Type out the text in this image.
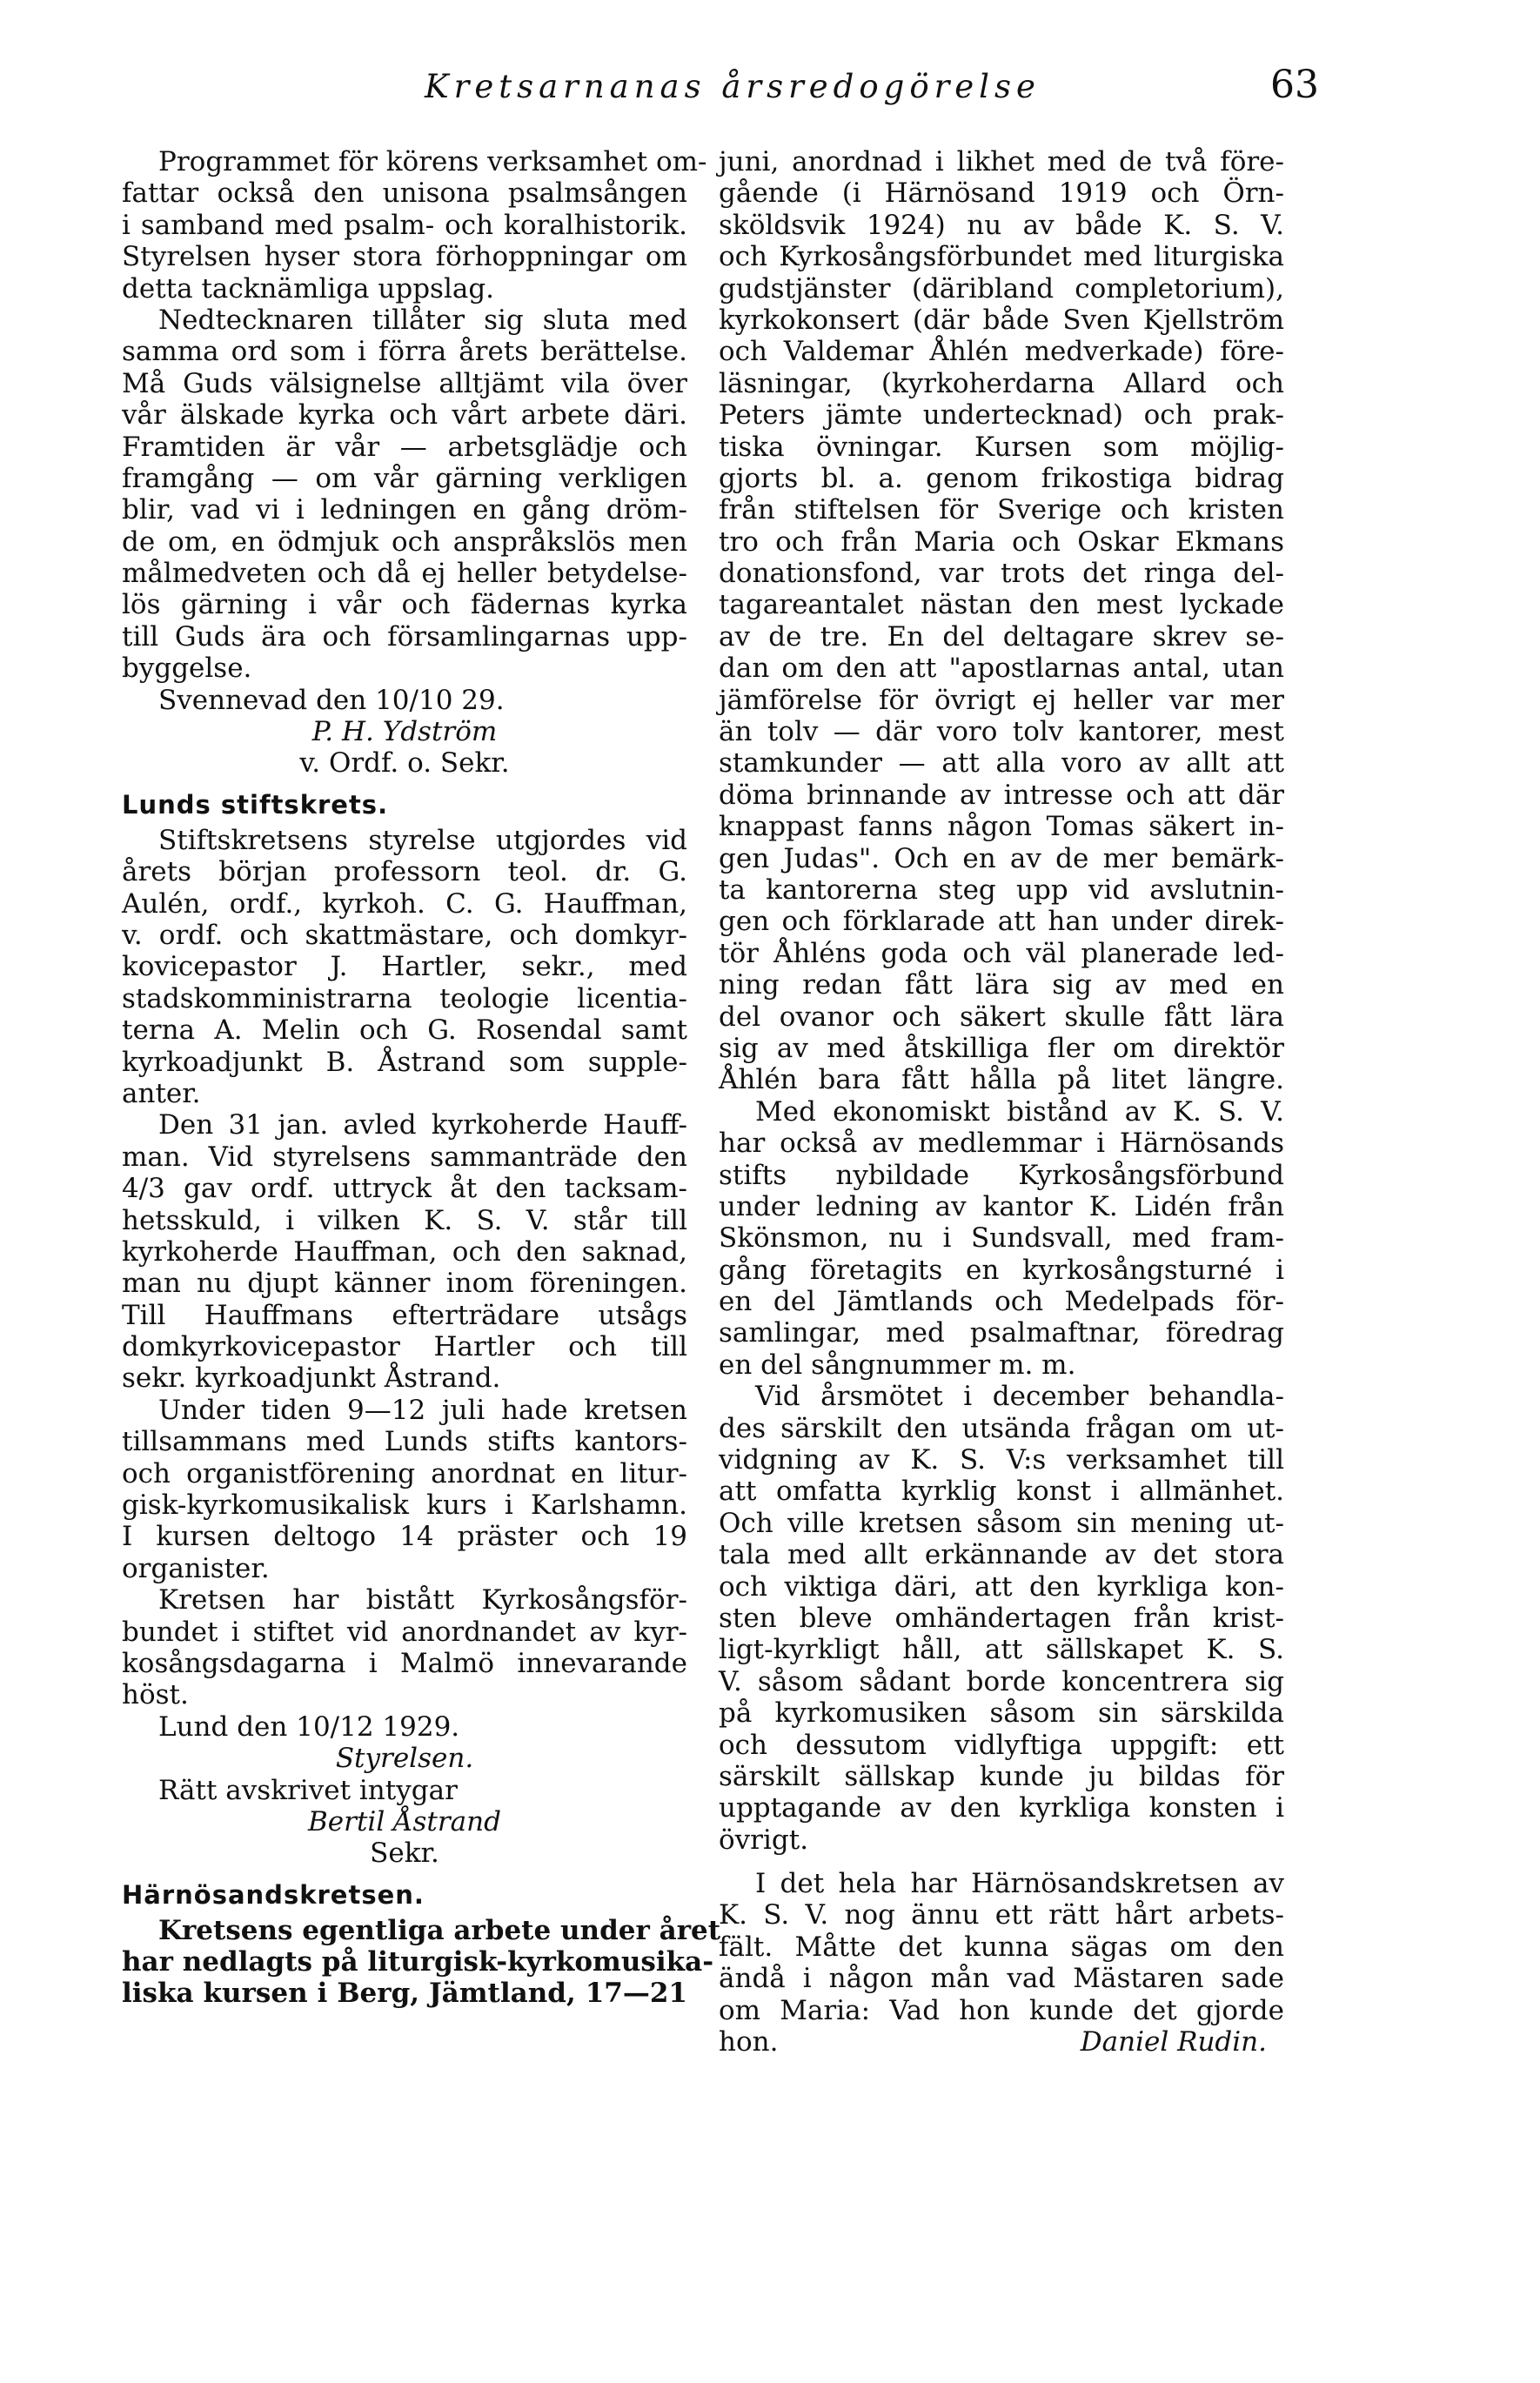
Kretsarnanas årsredogörelse	63
Programmet för körens verksamhet om-
fattar också den unisona psalmsången
i samband med psalm- och koralhistorik.
Styrelsen hyser stora förhoppningar om
detta tacknämliga uppslag.
Nedtecknaren tillåter sig sluta med
samma ord som i förra årets berättelse.
Må Guds välsignelse alltjämt vila över
vår älskade kyrka och vårt arbete däri.
Framtiden är vår — arbetsglädje och
framgång — om vår gärning verkligen
blir, vad vi i ledningen en gång dröm-
de om, en ödmjuk och anspråkslös men
målmedveten och då ej heller betydelse-
lös gärning i vår och fädernas kyrka
till Guds ära och församlingarnas upp-
byggelse.
Svennevad den 10/10 29.
P. H. Ydström
v. Ordf. o. Sekr.
Lunds stiftskrets.
Stiftskretsens styrelse utgjordes vid
årets början professorn teol. dr. G.
Aulén, ordf., kyrkoh. C. G. Hauffman,
v. ordf. och skattmästare, och domkyr-
kovicepastor J. Hartler, sekr., med
stadskomministrarna teologie licentia-
terna A. Melin och G. Rosendal samt
kyrkoadjunkt B. Åstrand som supple-
anter.
Den 31 jan. avled kyrkoherde Hauff-
man. Vid styrelsens sammanträde den
4/3 gav ordf. uttryck åt den tacksam-
hetsskuld, i vilken K. S. V. står till
kyrkoherde Hauffman, och den saknad,
man nu djupt känner inom föreningen.
Till Hauffmans efterträdare utsågs
domkyrkovicepastor Hartler och till
sekr. kyrkoadjunkt Åstrand.
Under tiden 9—12 juli hade kretsen
tillsammans med Lunds stifts kantors-
och organistförening anordnat en litur-
gisk-kyrkomusikalisk kurs i Karlshamn.
I kursen deltogo 14 präster och 19
organister.
Kretsen har bistått Kyrkosångsför-
bundet i stiftet vid anordnandet av kyr-
kosångsdagarna i Malmö innevarande
höst.
Lund den 10/12 1929.
Styrelsen.
Rätt avskrivet intygar
Bertil Åstrand
Sekr.
Härnösandskretsen.
Kretsens egentliga arbete under året
har nedlagts på liturgisk-kyrkomusika-
liska kursen i Berg, Jämtland, 17—21
juni, anordnad i likhet med de två före-
gående (i Härnösand 1919 och Örn-
sköldsvik 1924) nu av både K. S. V.
och Kyrkosångsförbundet med liturgiska
gudstjänster (däribland completorium),
kyrkokonsert (där både Sven Kjellström
och Valdemar Åhlén medverkade) före-
läsningar, (kyrkoherdarna Allard och
Peters jämte undertecknad) och prak-
tiska övningar. Kursen som möjlig-
gjorts bl. a. genom frikostiga bidrag
från stiftelsen för Sverige och kristen
tro och från Maria och Oskar Ekmans
donationsfond, var trots det ringa del-
tagareantalet nästan den mest lyckade
av de tre. En del deltagare skrev se-
dan om den att "apostlarnas antal, utan
jämförelse för övrigt ej heller var mer
än tolv — där voro tolv kantorer, mest
stamkunder — att alla voro av allt att
döma brinnande av intresse och att där
knappast fanns någon Tomas säkert in-
gen Judas". Och en av de mer bemärk-
ta kantorerna steg upp vid avslutnin-
gen och förklarade att han under direk-
tör Åhléns goda och väl planerade led-
ning redan fått lära sig av med en
del ovanor och säkert skulle fått lära
sig av med åtskilliga fler om direktör
Åhlén bara fått hålla på litet längre.
Med ekonomiskt bistånd av K. S. V.
har också av medlemmar i Härnösands
stifts nybildade Kyrkosångsförbund
under ledning av kantor K. Lidén från
Skönsmon, nu i Sundsvall, med fram-
gång företagits en kyrkosångsturné i
en del Jämtlands och Medelpads för-
samlingar, med psalmaftnar, föredrag
en del sångnummer m. m.
Vid årsmötet i december behandla-
des särskilt den utsända frågan om ut-
vidgning av K. S. V:s verksamhet till
att omfatta kyrklig konst i allmänhet.
Och ville kretsen såsom sin mening ut-
tala med allt erkännande av det stora
och viktiga däri, att den kyrkliga kon-
sten bleve omhändertagen från krist-
ligt-kyrkligt håll, att sällskapet K. S.
V. såsom sådant borde koncentrera sig
på kyrkomusiken såsom sin särskilda
och dessutom vidlyftiga uppgift: ett
särskilt sällskap kunde ju bildas för
upptagande av den kyrkliga konsten i
övrigt.
I det hela har Härnösandskretsen av
K. S. V. nog ännu ett rätt hårt arbets-
fält. Måtte det kunna sägas om den
ändå i någon mån vad Mästaren sade
om Maria: Vad hon kunde det gjorde
hon.	Daniel Rudin.
